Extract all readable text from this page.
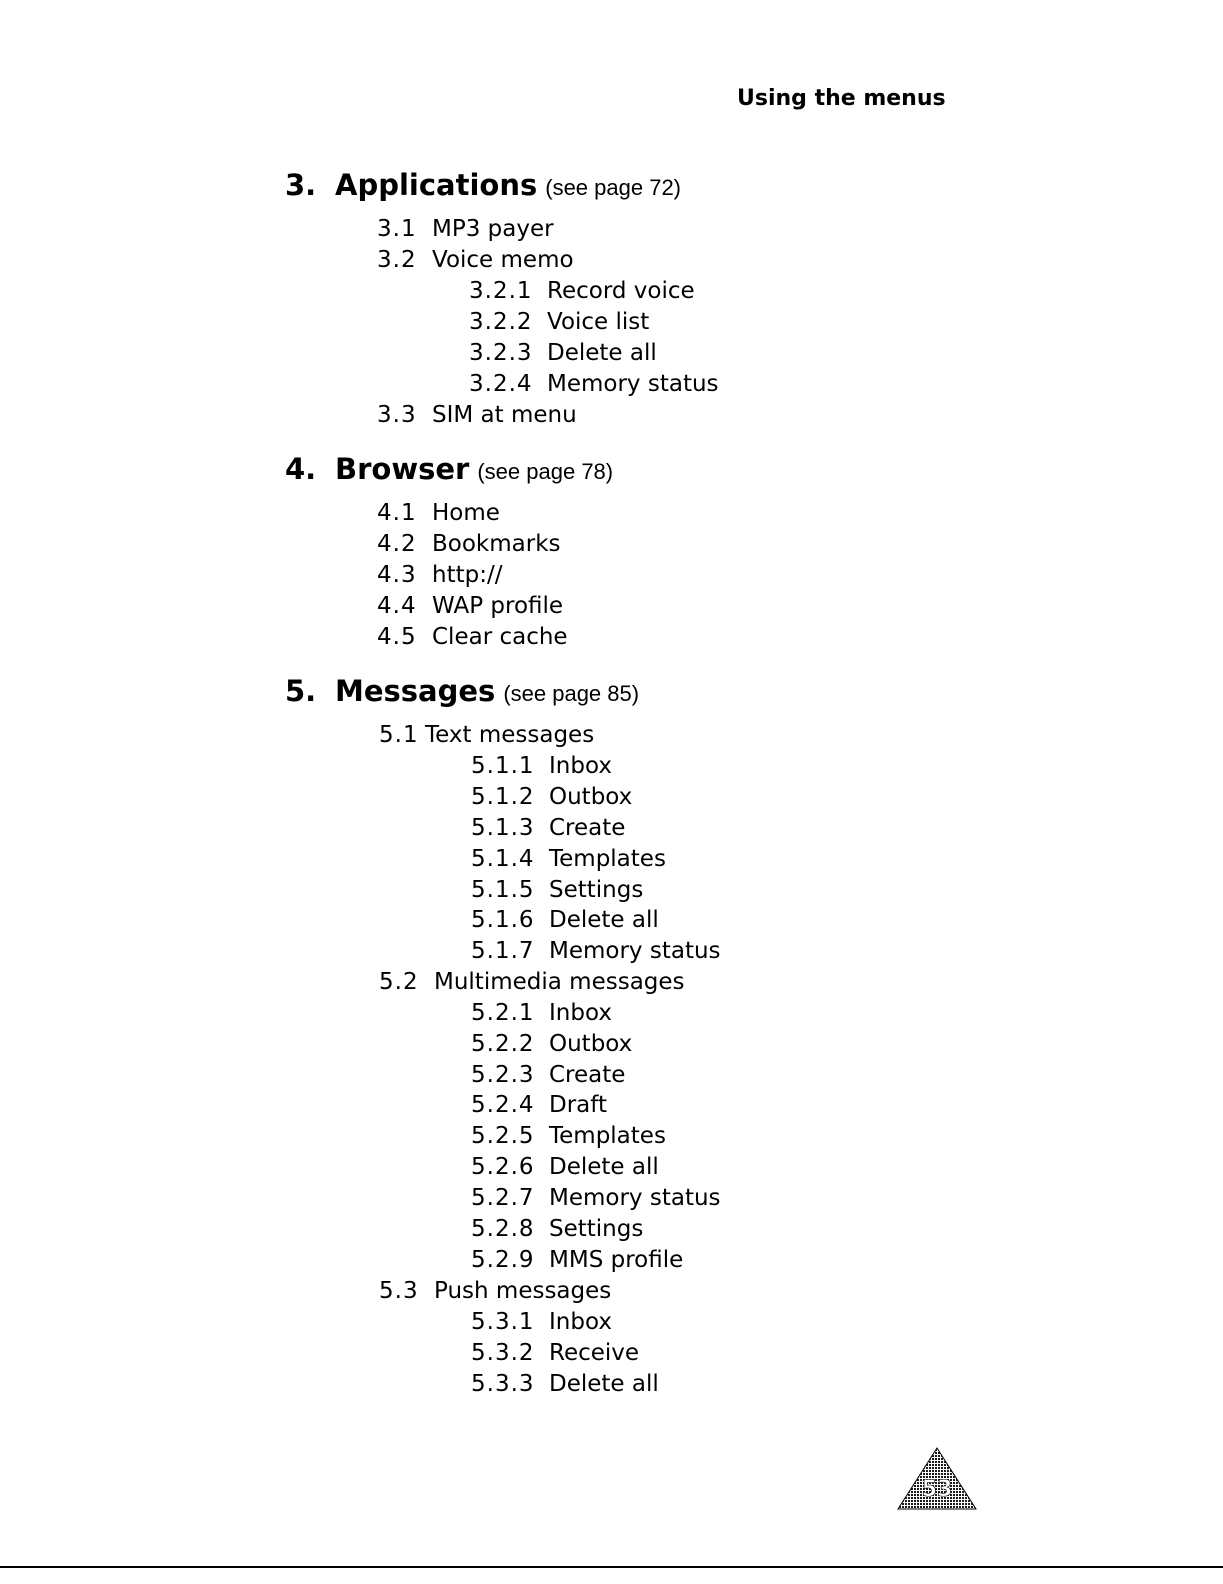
Using the menus
3. Applications (see page 72)
3.1 MP3 payer
3.2 Voice memo
3.2.1 Record voice
3.2.2 Voice list
3.2.3 Delete all
3.2.4 Memory status
3.3 SIM at menu
4. Browser (see page 78)
4.1 Home
4.2 Bookmarks
4.3 http://
4.4 WAP profile
4.5 Clear cache
5. Messages (see page 85)
5.1 Text messages
5.1.1 Inbox
5.1.2 Outbox
5.1.3 Create
5.1.4 Templates
5.1.5 Settings
5.1.6 Delete all
5.1.7 Memory status
5.2 Multimedia messages
5.2.1 Inbox
5.2.2 Outbox
5.2.3 Create
5.2.4 Draft
5.2.5 Templates
5.2.6 Delete all
5.2.7 Memory status
5.2.8 Settings
5.2.9 MMS profile
5.3 Push messages
5.3.1 Inbox
5.3.2 Receive
5.3.3 Delete all
53
